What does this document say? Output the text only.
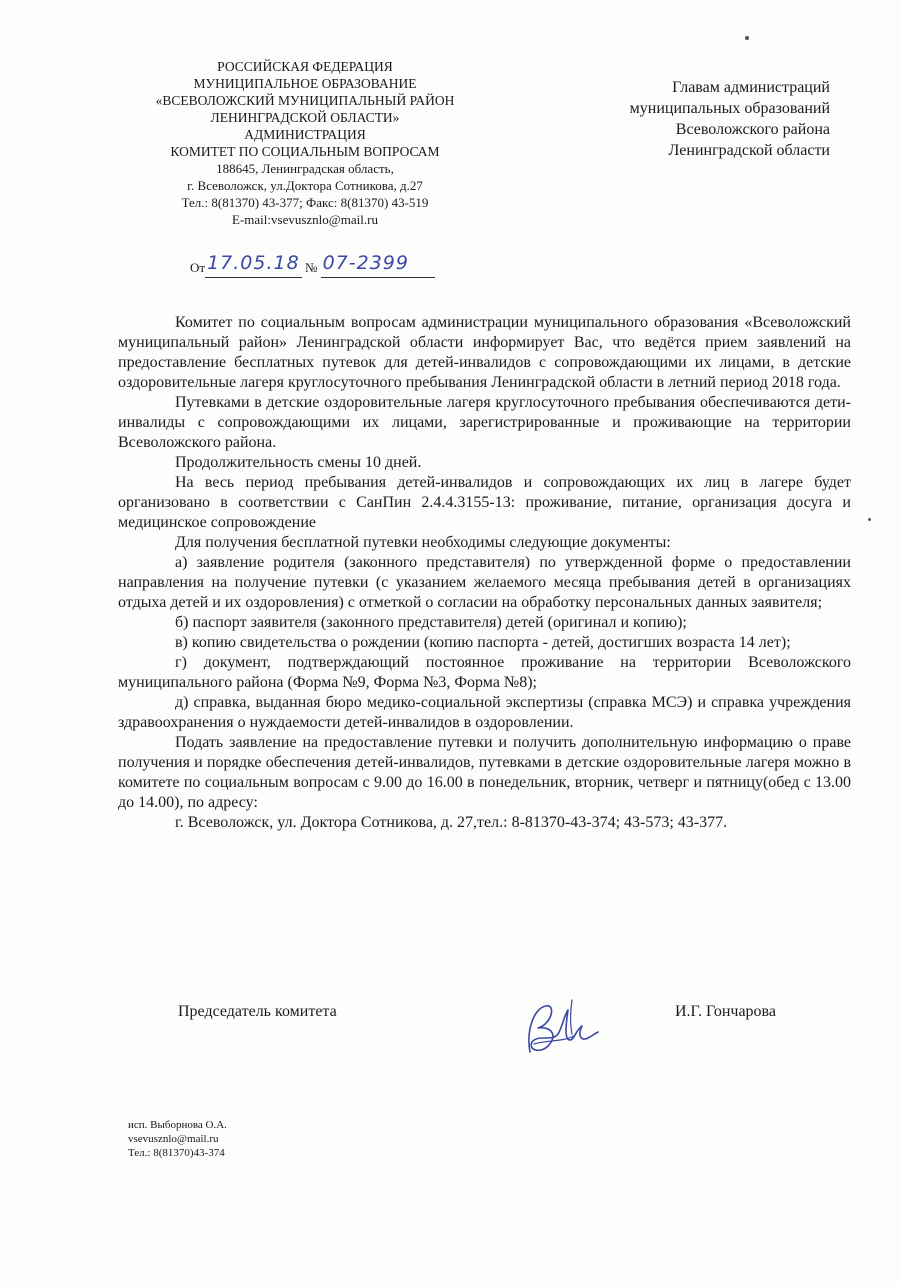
РОССИЙСКАЯ ФЕДЕРАЦИЯ
МУНИЦИПАЛЬНОЕ ОБРАЗОВАНИЕ
«ВСЕВОЛОЖСКИЙ МУНИЦИПАЛЬНЫЙ РАЙОН
ЛЕНИНГРАДСКОЙ ОБЛАСТИ»
АДМИНИСТРАЦИЯ
КОМИТЕТ ПО СОЦИАЛЬНЫМ ВОПРОСАМ
188645, Ленинградская область,
г. Всеволожск, ул.Доктора Сотникова, д.27
Тел.: 8(81370) 43-377; Факс: 8(81370) 43-519
E-mail:vsevusznlo@mail.ru
От 17.05.18 № 07-2399
Главам администраций
муниципальных образований
Всеволожского района
Ленинградской области

Комитет по социальным вопросам администрации муниципального образования «Всеволожский муниципальный район» Ленинградской области информирует Вас, что ведётся прием заявлений на предоставление бесплатных путевок для детей-инвалидов с сопровождающими их лицами, в детские оздоровительные лагеря круглосуточного пребывания Ленинградской области в летний период 2018 года.

Путевками в детские оздоровительные лагеря круглосуточного пребывания обеспечиваются дети-инвалиды с сопровождающими их лицами, зарегистрированные и проживающие на территории Всеволожского района.

Продолжительность смены 10 дней.

На весь период пребывания детей-инвалидов и сопровождающих их лиц в лагере будет организовано в соответствии с СанПин 2.4.4.3155-13: проживание, питание, организация досуга и медицинское сопровождение

Для получения бесплатной путевки необходимы следующие документы:

а) заявление родителя (законного представителя) по утвержденной форме о предоставлении направления на получение путевки (с указанием желаемого месяца пребывания детей в организациях отдыха детей и их оздоровления) с отметкой о согласии на обработку персональных данных заявителя;

б) паспорт заявителя (законного представителя) детей (оригинал и копию);

в) копию свидетельства о рождении (копию паспорта - детей, достигших возраста 14 лет);

г) документ, подтверждающий постоянное проживание на территории Всеволожского муниципального района (Форма №9, Форма №3, Форма №8);

д) справка, выданная бюро медико-социальной экспертизы (справка МСЭ) и справка учреждения здравоохранения о нуждаемости детей-инвалидов в оздоровлении.

Подать заявление на предоставление путевки и получить дополнительную информацию о праве получения и порядке обеспечения детей-инвалидов, путевками в детские оздоровительные лагеря можно в комитете по социальным вопросам с 9.00 до 16.00 в понедельник, вторник, четверг и пятницу(обед с 13.00 до 14.00), по адресу:

г. Всеволожск, ул. Доктора Сотникова, д. 27,тел.: 8-81370-43-374; 43-573; 43-377.

Председатель комитета	И.Г. Гончарова
исп. Выборнова О.А.
vsevusznlo@mail.ru
Тел.: 8(81370)43-374
